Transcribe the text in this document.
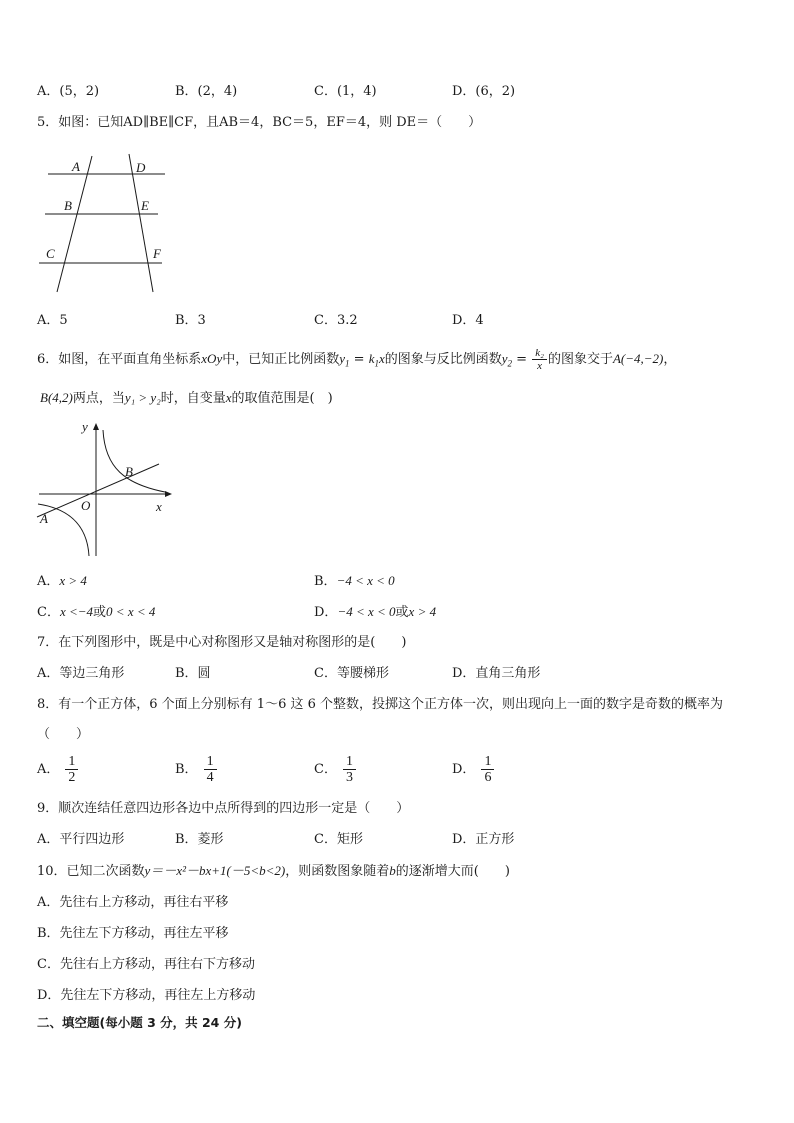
A．(5，2)	B．(2，4)	C．(1，4)	D．(6，2)
5．如图：已知AD∥BE∥CF，且AB＝4，BC＝5，EF＝4，则 DE＝（　　）
A	D
B	E
C	F
A．5	B．3	C．3.2	D．4
6．如图，在平面直角坐标系xOy中，已知正比例函数$y_1 = k_1x$的图象与反比例函数$y_2 = \frac{\text{k₂}}{x}$ 的图象交于A(−4,−2)，
B(4,2)两点，当y₁ > y₂时，自变量x的取值范围是(　)
y
x
O
A
B
A．x > 4	B．−4 < x < 0
C．x <−4或0 < x < 4	D．−4 < x < 0或x > 4
7．在下列图形中，既是中心对称图形又是轴对称图形的是(　　)
A．等边三角形	B．圆	C．等腰梯形	D．直角三角形
8．有一个正方体，6 个面上分别标有 1～6 这 6 个整数，投掷这个正方体一次，则出现向上一面的数字是奇数的概率为
（　　）
A． $\frac{1}{2}$	B． $\frac{1}{4}$	C． $\frac{1}{3}$	D． $\frac{1}{6}$
9．顺次连结任意四边形各边中点所得到的四边形一定是（　　）
A．平行四边形	B．菱形	C．矩形	D．正方形
10．已知二次函数y＝－x²－bx+1(－5<b<2)，则函数图象随着b的逐渐增大而(　　)
A．先往右上方移动，再往右平移
B．先往左下方移动，再往左平移
C．先往右上方移动，再往右下方移动
D．先往左下方移动，再往左上方移动
二、填空题(每小题 3 分，共 24 分)
